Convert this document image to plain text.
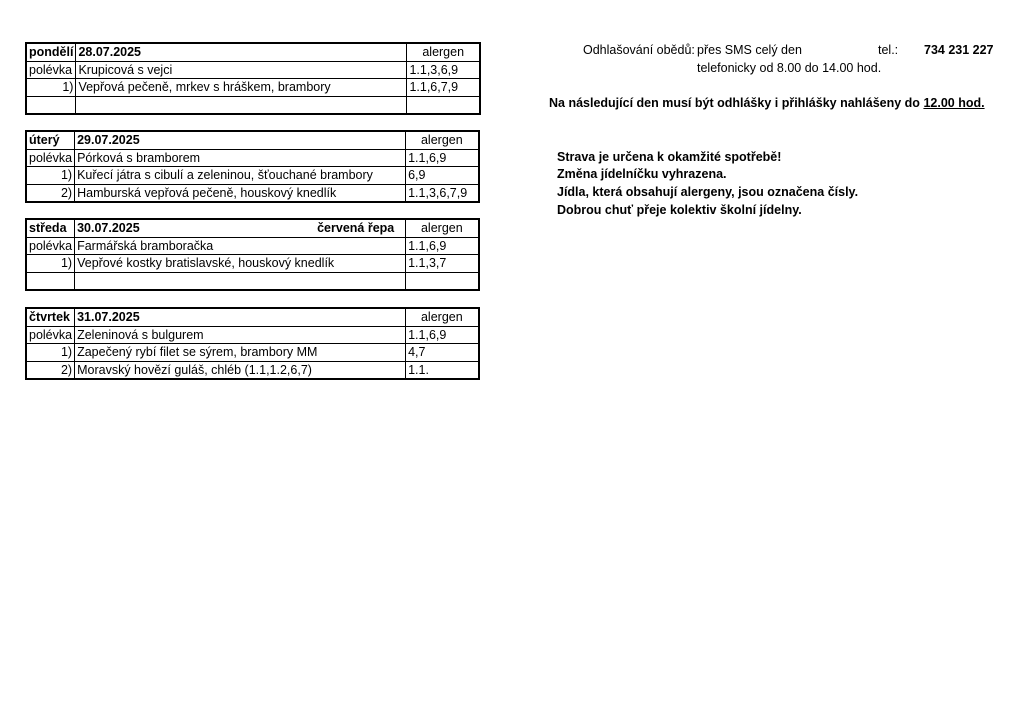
pondělí	28.07.2025	alergen
polévka	Krupicová s vejci	1.1,3,6,9
1)	Vepřová pečeně, mrkev s hráškem, brambory	1.1,6,7,9

úterý	29.07.2025	alergen
polévka	Pórková s bramborem	1.1,6,9
1)	Kuřecí játra s cibulí a zeleninou, šťouchané brambory	6,9
2)	Hamburská vepřová pečeně, houskový knedlík	1.1,3,6,7,9
středa	30.07.2025 červená řepa	alergen
polévka	Farmářská bramboračka	1.1,6,9
1)	Vepřové kostky bratislavské, houskový knedlík	1.1,3,7

čtvrtek	31.07.2025	alergen
polévka	Zeleninová s bulgurem	1.1,6,9
1)	Zapečený rybí filet se sýrem, brambory MM	4,7
2)	Moravský hovězí guláš, chléb (1.1,1.2,6,7)	1.1.
Odhlašování obědů: přes SMS celý den	tel.: 734 231 227
telefonicky od 8.00 do 14.00 hod.
Na následující den musí být odhlášky i přihlášky nahlášeny do 12.00 hod.
Strava je určena k okamžité spotřebě!
Změna jídelníčku vyhrazena.
Jídla, která obsahují alergeny, jsou označena čísly.
Dobrou chuť přeje kolektiv školní jídelny.
